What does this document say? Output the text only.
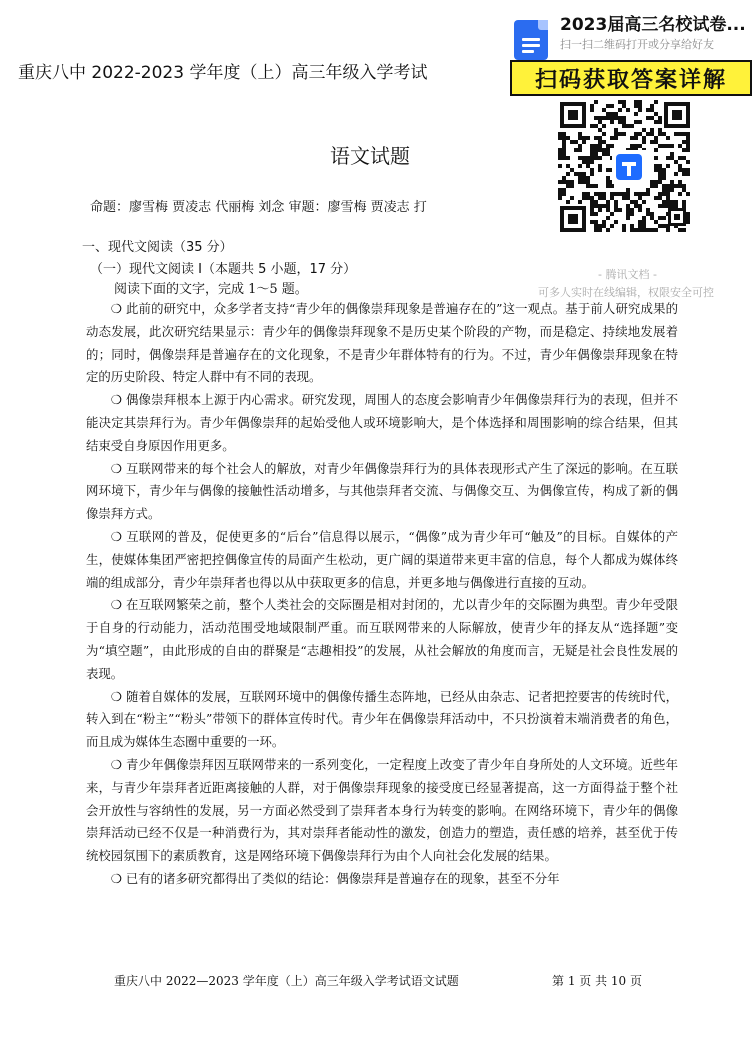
重庆八中 2022-2023 学年度（上）高三年级入学考试
2023届高三名校试卷...
扫一扫二维码打开或分享给好友
扫码获取答案详解
- 腾讯文档 -
可多人实时在线编辑，权限安全可控
语文试题
命题：廖雪梅 贾凌志 代丽梅 刘念 审题：廖雪梅 贾凌志 打
一、现代文阅读（35 分）
（一）现代文阅读 I（本题共 5 小题，17 分）
阅读下面的文字，完成 1～5 题。

❍ 此前的研究中，众多学者支持“青少年的偶像崇拜现象是普遍存在的”这一观点。基于前人研究成果的动态发展，此次研究结果显示：青少年的偶像崇拜现象不是历史某个阶段的产物，而是稳定、持续地发展着的；同时，偶像崇拜是普遍存在的文化现象，不是青少年群体特有的行为。不过，青少年偶像崇拜现象在特定的历史阶段、特定人群中有不同的表现。

❍ 偶像崇拜根本上源于内心需求。研究发现，周围人的态度会影响青少年偶像崇拜行为的表现，但并不能决定其崇拜行为。青少年偶像崇拜的起始受他人或环境影响大，是个体选择和周围影响的综合结果，但其结束受自身原因作用更多。

❍ 互联网带来的每个社会人的解放，对青少年偶像崇拜行为的具体表现形式产生了深远的影响。在互联网环境下，青少年与偶像的接触性活动增多，与其他崇拜者交流、与偶像交互、为偶像宣传，构成了新的偶像崇拜方式。

❍ 互联网的普及，促使更多的“后台”信息得以展示，“偶像”成为青少年可“触及”的目标。自媒体的产生，使媒体集团严密把控偶像宣传的局面产生松动，更广阔的渠道带来更丰富的信息，每个人都成为媒体终端的组成部分，青少年崇拜者也得以从中获取更多的信息，并更多地与偶像进行直接的互动。

❍ 在互联网繁荣之前，整个人类社会的交际圈是相对封闭的，尤以青少年的交际圈为典型。青少年受限于自身的行动能力，活动范围受地域限制严重。而互联网带来的人际解放，使青少年的择友从“选择题”变为“填空题”，由此形成的自由的群聚是“志趣相投”的发展，从社会解放的角度而言，无疑是社会良性发展的表现。

❍ 随着自媒体的发展，互联网环境中的偶像传播生态阵地，已经从由杂志、记者把控要害的传统时代，转入到在“粉主”“粉头”带领下的群体宣传时代。青少年在偶像崇拜活动中，不只扮演着末端消费者的角色，而且成为媒体生态圈中重要的一环。

❍ 青少年偶像崇拜因互联网带来的一系列变化，一定程度上改变了青少年自身所处的人文环境。近些年来，与青少年崇拜者近距离接触的人群，对于偶像崇拜现象的接受度已经显著提高，这一方面得益于整个社会开放性与容纳性的发展，另一方面必然受到了崇拜者本身行为转变的影响。在网络环境下，青少年的偶像崇拜活动已经不仅是一种消费行为，其对崇拜者能动性的激发，创造力的塑造，责任感的培养，甚至优于传统校园氛围下的素质教育，这是网络环境下偶像崇拜行为由个人向社会化发展的结果。

❍ 已有的诸多研究都得出了类似的结论：偶像崇拜是普遍存在的现象，甚至不分年

重庆八中 2022—2023 学年度（上）高三年级入学考试语文试题	第 1 页 共 10 页
